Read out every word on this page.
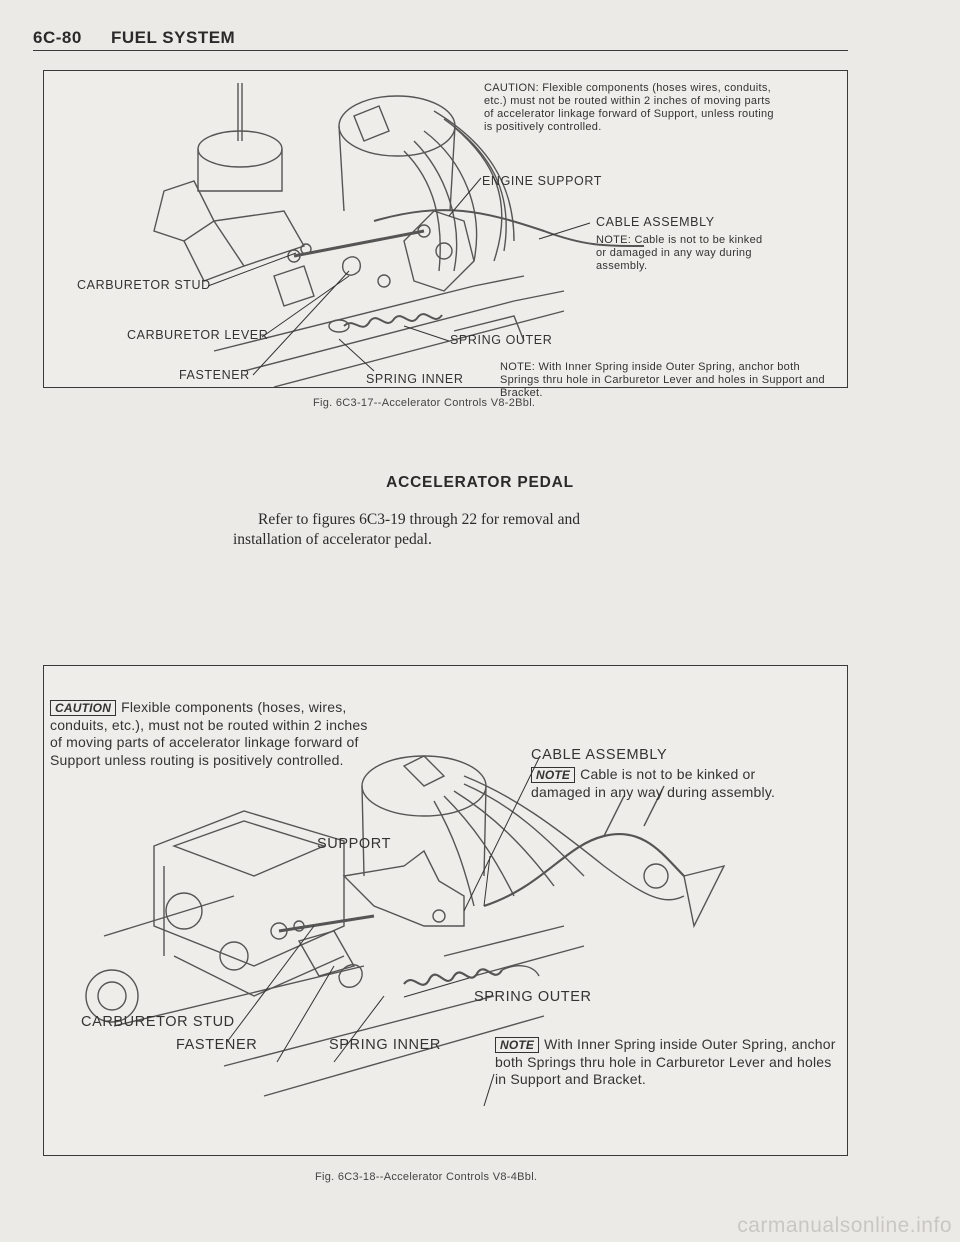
6C-80 FUEL SYSTEM
CAUTION: Flexible components (hoses wires, conduits, etc.) must not be routed within 2 inches of moving parts of accelerator linkage forward of Support, unless routing is positively controlled.
ENGINE SUPPORT
CABLE ASSEMBLY
NOTE: Cable is not to be kinked or damaged in any way during assembly.
CARBURETOR STUD
CARBURETOR LEVER	SPRING OUTER
FASTENER	SPRING INNER
NOTE: With Inner Spring inside Outer Spring, anchor both Springs thru hole in Carburetor Lever and holes in Support and Bracket.
Fig. 6C3-17--Accelerator Controls V8-2Bbl.
ACCELERATOR PEDAL
Refer to figures 6C3-19 through 22 for removal and
installation of accelerator pedal.
CAUTION Flexible components (hoses, wires, conduits, etc.), must not be routed within 2 inches of moving parts of accelerator linkage forward of Support unless routing is positively controlled.	CABLE ASSEMBLY
NOTE Cable is not to be kinked or damaged in any way during assembly.
SUPPORT
SPRING OUTER
CARBURETOR STUD
FASTENER	SPRING INNER	NOTE With Inner Spring inside Outer Spring, anchor both Springs thru hole in Carburetor Lever and holes in Support and Bracket.
Fig. 6C3-18--Accelerator Controls V8-4Bbl.
carmanualsonline.info
